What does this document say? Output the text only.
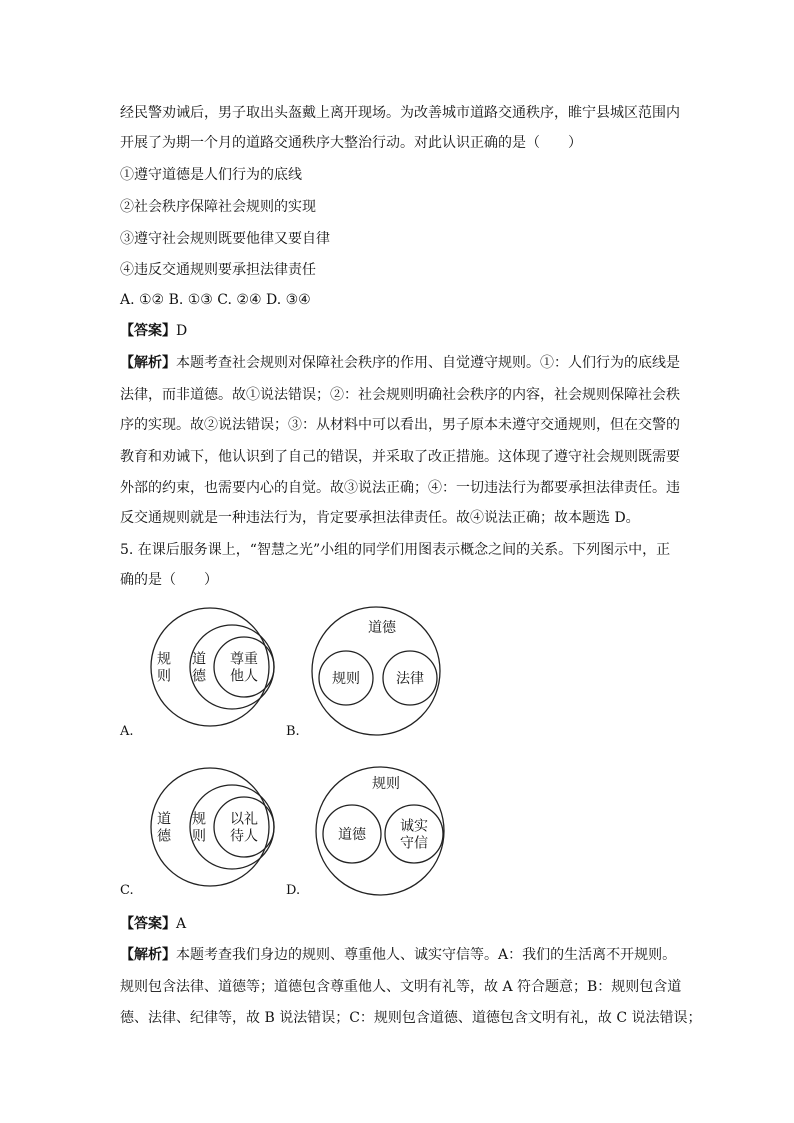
经民警劝诫后，男子取出头盔戴上离开现场。为改善城市道路交通秩序，睢宁县城区范围内
开展了为期一个月的道路交通秩序大整治行动。对此认识正确的是（　　）
①遵守道德是人们行为的底线
②社会秩序保障社会规则的实现
③遵守社会规则既要他律又要自律
④违反交通规则要承担法律责任
A. ①② B. ①③ C. ②④ D. ③④
【答案】D
【解析】本题考查社会规则对保障社会秩序的作用、自觉遵守规则。①：人们行为的底线是
法律，而非道德。故①说法错误；②：社会规则明确社会秩序的内容，社会规则保障社会秩
序的实现。故②说法错误；③：从材料中可以看出，男子原本未遵守交通规则，但在交警的
教育和劝诫下，他认识到了自己的错误，并采取了改正措施。这体现了遵守社会规则既需要
外部的约束，也需要内心的自觉。故③说法正确；④：一切违法行为都要承担法律责任。违
反交通规则就是一种违法行为，肯定要承担法律责任。故④说法正确；故本题选 D。
5. 在课后服务课上，“智慧之光”小组的同学们用图表示概念之间的关系。下列图示中，正
确的是（　　）
规则
道德
尊重他人
A.
道德
规则	法律
B.
道德
规则
以礼待人
C.
规则
道德
诚实守信
D.
【答案】A
【解析】本题考查我们身边的规则、尊重他人、诚实守信等。A：我们的生活离不开规则。
规则包含法律、道德等；道德包含尊重他人、文明有礼等，故 A 符合题意；B：规则包含道
德、法律、纪律等，故 B 说法错误；C：规则包含道德、道德包含文明有礼，故 C 说法错误；
